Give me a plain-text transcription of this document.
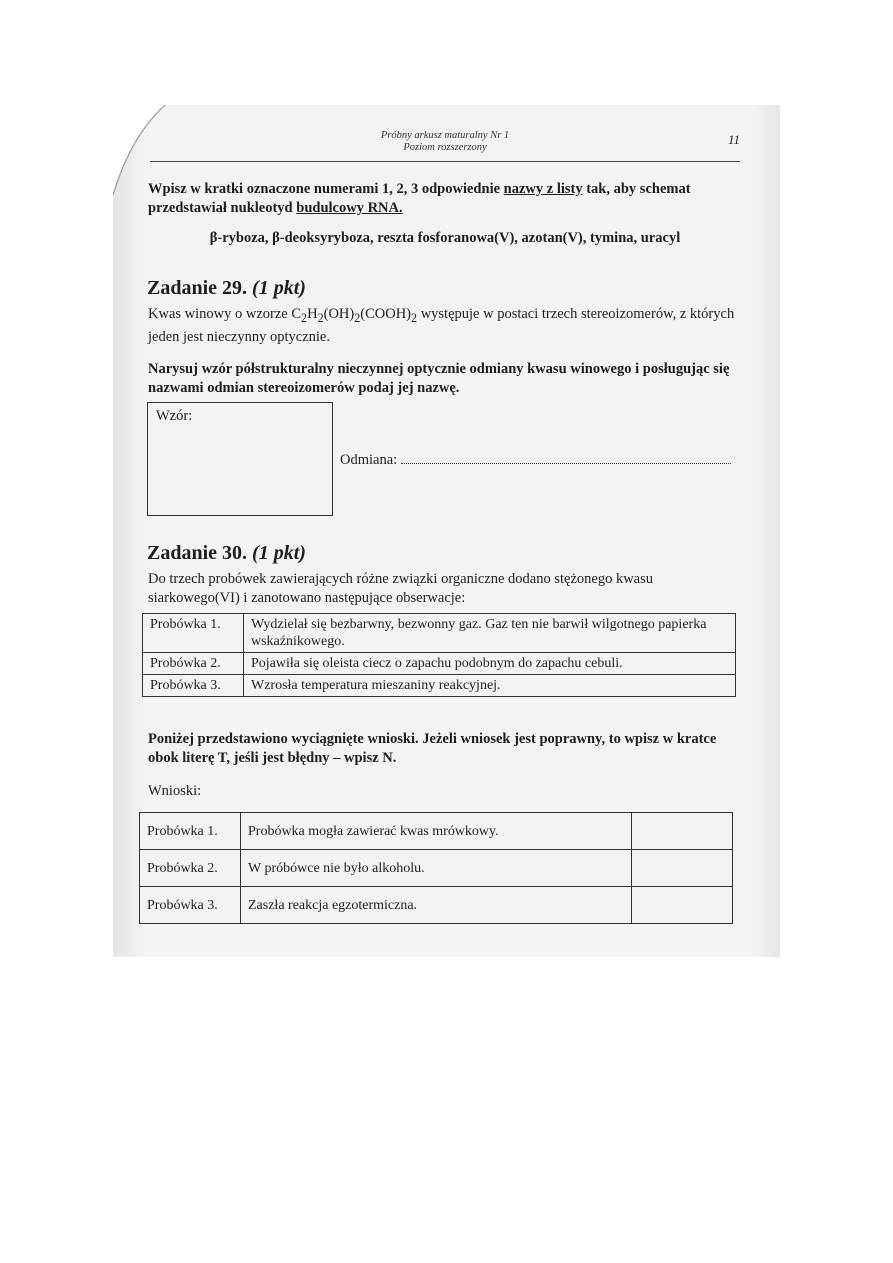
Próbny arkusz maturalny Nr 1
Poziom rozszerzony
11
Wpisz w kratki oznaczone numerami 1, 2, 3 odpowiednie nazwy z listy tak, aby schemat przedstawiał nukleotyd budulcowy RNA.
β-ryboza, β-deoksyryboza, reszta fosforanowa(V), azotan(V), tymina, uracyl
Zadanie 29. (1 pkt)
Kwas winowy o wzorze $C_2H_2(OH)_2(COOH)_2$ występuje w postaci trzech stereoizomerów, z których jeden jest nieczynny optycznie.
Narysuj wzór półstrukturalny nieczynnej optycznie odmiany kwasu winowego i posługując się nazwami odmian stereoizomerów podaj jej nazwę.
Wzór:
Odmiana:
Zadanie 30. (1 pkt)
Do trzech probówek zawierających różne związki organiczne dodano stężonego kwasu siarkowego(VI) i zanotowano następujące obserwacje:
Probówka 1.	Wydzielał się bezbarwny, bezwonny gaz. Gaz ten nie barwił wilgotnego papierka wskaźnikowego.
Probówka 2.	Pojawiła się oleista ciecz o zapachu podobnym do zapachu cebuli.
Probówka 3.	Wzrosła temperatura mieszaniny reakcyjnej.
Poniżej przedstawiono wyciągnięte wnioski. Jeżeli wniosek jest poprawny, to wpisz w kratce obok literę T, jeśli jest błędny – wpisz N.
Wnioski:
Probówka 1.	Probówka mogła zawierać kwas mrówkowy.	
Probówka 2.	W próbówce nie było alkoholu.	
Probówka 3.	Zaszła reakcja egzotermiczna.	
